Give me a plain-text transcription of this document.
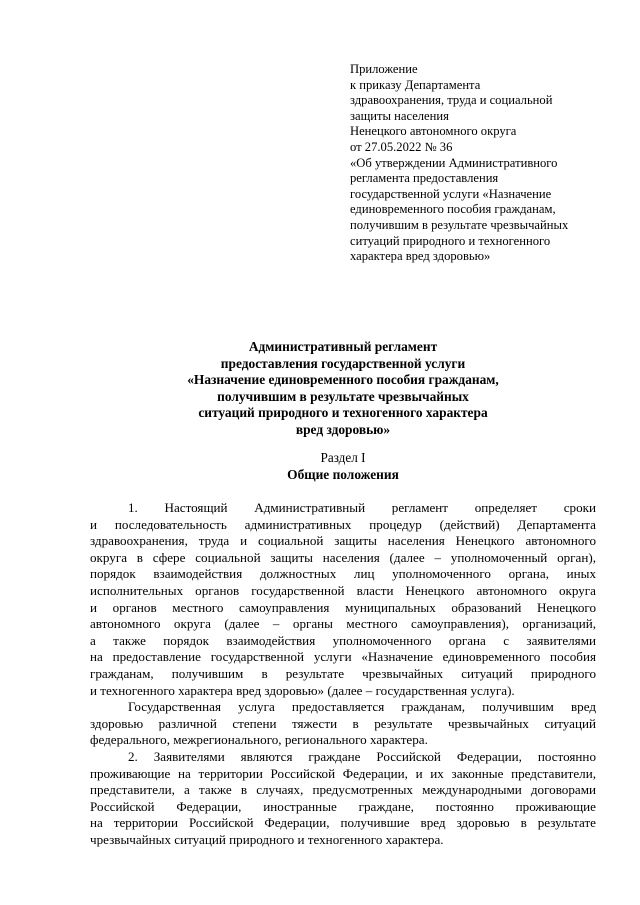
Приложение
к приказу Департамента
здравоохранения, труда и социальной
защиты населения
Ненецкого автономного округа
от 27.05.2022 № 36
«Об утверждении Административного
регламента предоставления
государственной услуги «Назначение
единовременного пособия гражданам,
получившим в результате чрезвычайных
ситуаций природного и техногенного
характера вред здоровью»
Административный регламент
предоставления государственной услуги
«Назначение единовременного пособия гражданам,
получившим в результате чрезвычайных
ситуаций природного и техногенного характера
вред здоровью»
Раздел I
Общие положения
1. Настоящий Административный регламент определяет сроки
и последовательность административных процедур (действий) Департамента
здравоохранения, труда и социальной защиты населения Ненецкого автономного
округа в сфере социальной защиты населения (далее – уполномоченный орган),
порядок взаимодействия должностных лиц уполномоченного органа, иных
исполнительных органов государственной власти Ненецкого автономного округа
и органов местного самоуправления муниципальных образований Ненецкого
автономного округа (далее – органы местного самоуправления), организаций,
а также порядок взаимодействия уполномоченного органа с заявителями
на предоставление государственной услуги «Назначение единовременного пособия
гражданам, получившим в результате чрезвычайных ситуаций природного
и техногенного характера вред здоровью» (далее – государственная услуга).
Государственная услуга предоставляется гражданам, получившим вред
здоровью различной степени тяжести в результате чрезвычайных ситуаций
федерального, межрегионального, регионального характера.
2. Заявителями являются граждане Российской Федерации, постоянно
проживающие на территории Российской Федерации, и их законные представители,
представители, а также в случаях, предусмотренных международными договорами
Российской Федерации, иностранные граждане, постоянно проживающие
на территории Российской Федерации, получившие вред здоровью в результате
чрезвычайных ситуаций природного и техногенного характера.
